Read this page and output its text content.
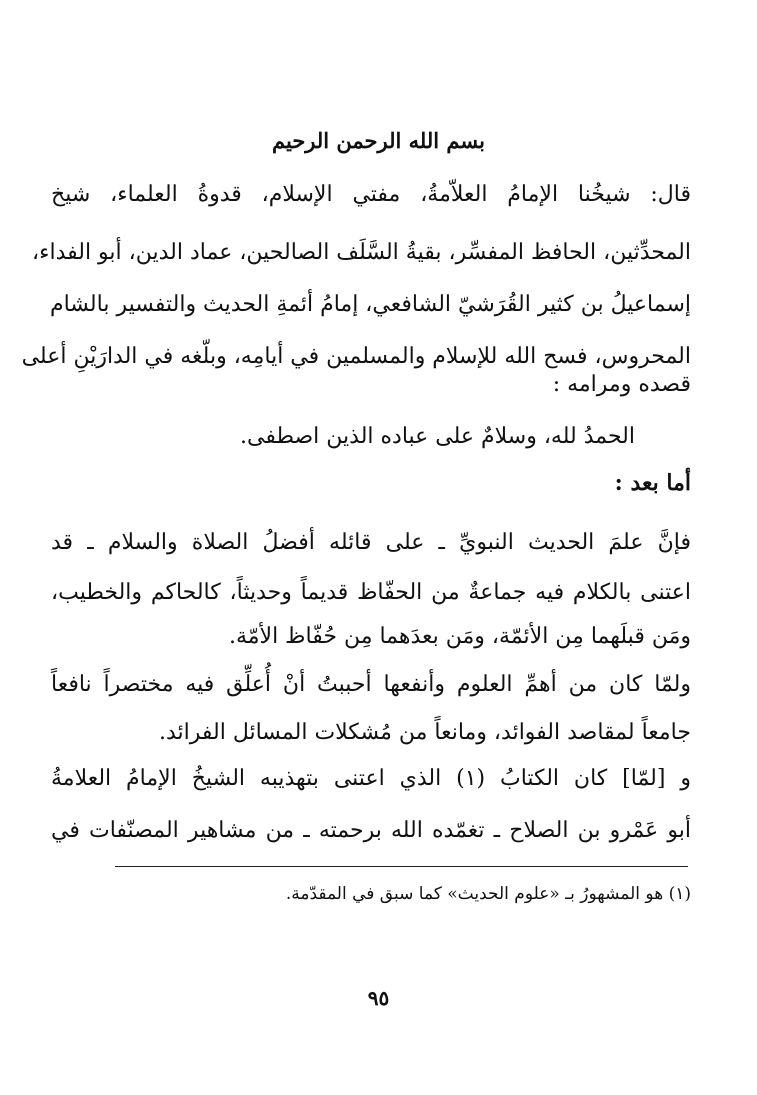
بسم الله الرحمن الرحيم
قال: شيخُنا الإمامُ العلاّمةُ، مفتي الإسلام، قدوةُ العلماء، شيخ
المحدِّثين، الحافظ المفسِّر، بقيةُ السَّلَف الصالحين، عماد الدين، أبو الفداء،
إسماعيلُ بن كثير القُرَشيّ الشافعي، إمامُ أئمةِ الحديث والتفسير بالشام
المحروس، فسح الله للإسلام والمسلمين في أيامِه، وبلّغه في الدارَيْنِ أعلى
قصده ومرامه :
الحمدُ لله، وسلامٌ على عباده الذين اصطفى.
أما بعد :
فإنَّ علمَ الحديث النبويِّ ـ على قائله أفضلُ الصلاة والسلام ـ قد
اعتنى بالكلام فيه جماعةٌ من الحفّاظ قديماً وحديثاً، كالحاكم والخطيب،
ومَن قبلَهما مِن الأئمّة، ومَن بعدَهما مِن حُفّاظ الأمّة.
ولمّا كان من أهمِّ العلوم وأنفعها أحببتُ أنْ أُعلِّق فيه مختصراً نافعاً
جامعاً لمقاصد الفوائد، ومانعاً من مُشكلات المسائل الفرائد.
و [لمّا] كان الكتابُ (١) الذي اعتنى بتهذيبه الشيخُ الإمامُ العلامةُ
أبو عَمْرو بن الصلاح ـ تغمّده الله برحمته ـ من مشاهير المصنّفات في
(١) هو المشهورُ بـ «علوم الحديث» كما سبق في المقدّمة.
٩٥
